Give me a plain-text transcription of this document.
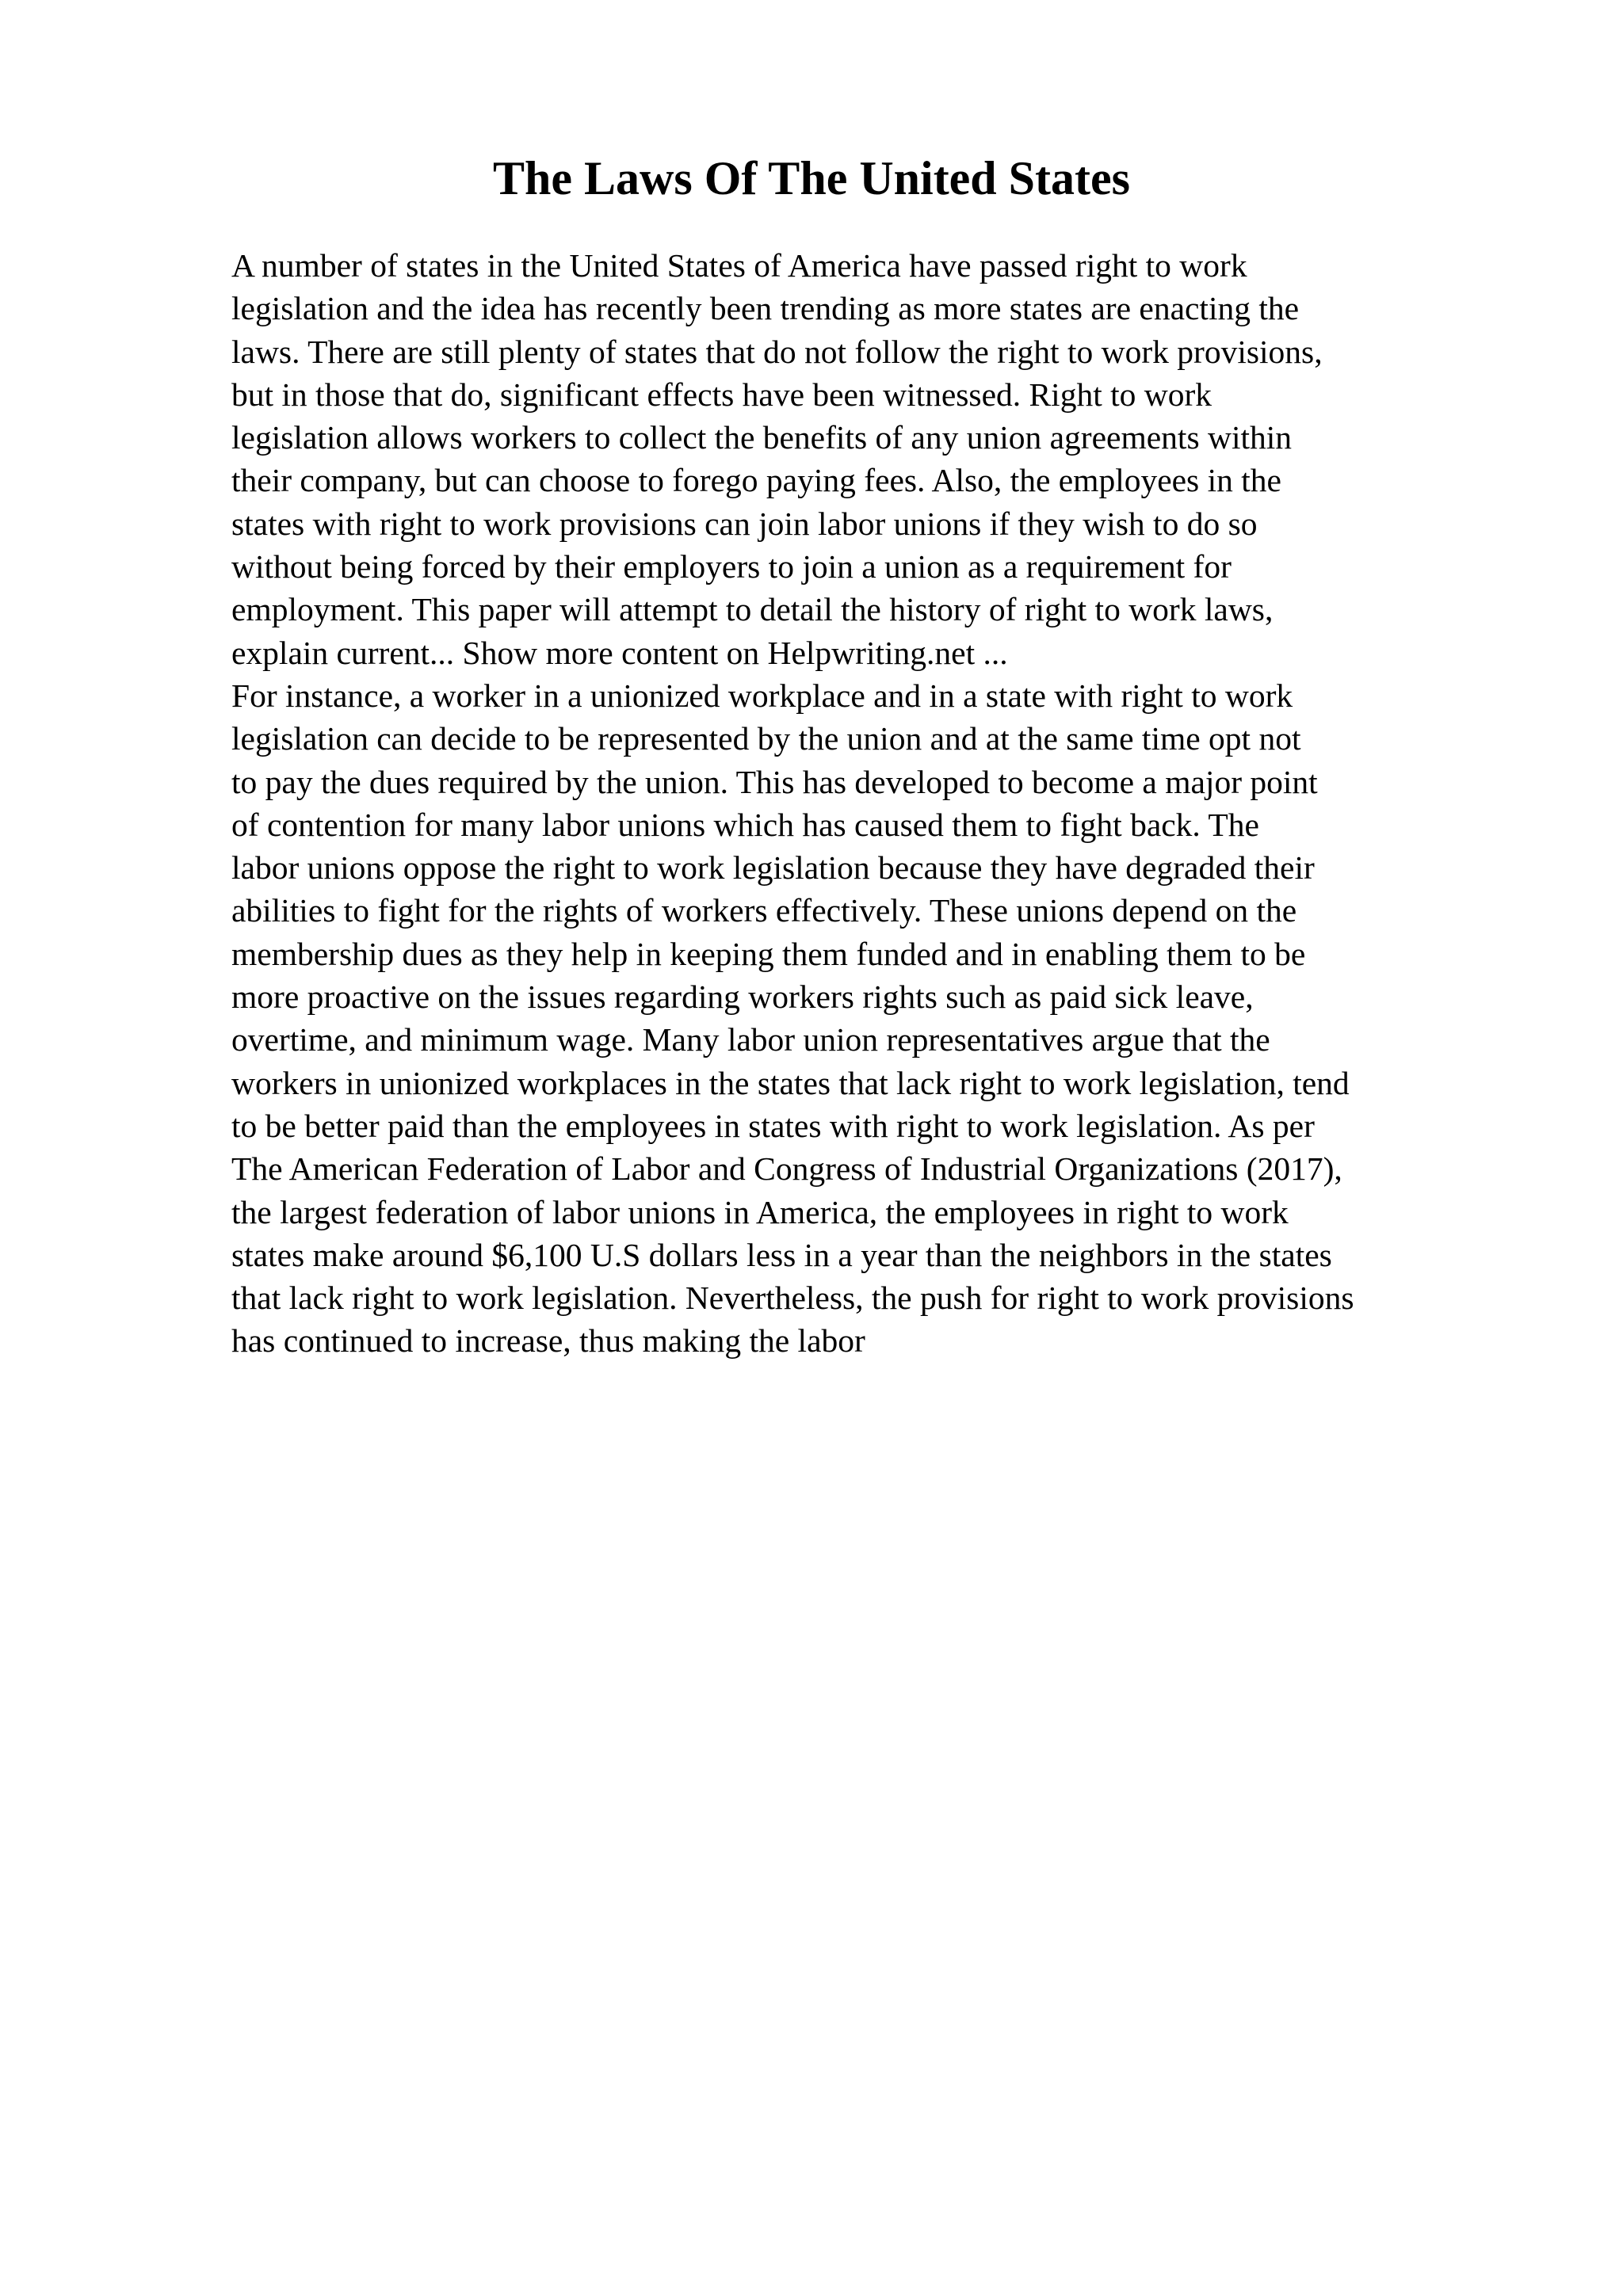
The Laws Of The United States
A number of states in the United States of America have passed right to work
legislation and the idea has recently been trending as more states are enacting the
laws. There are still plenty of states that do not follow the right to work provisions,
but in those that do, significant effects have been witnessed. Right to work
legislation allows workers to collect the benefits of any union agreements within
their company, but can choose to forego paying fees. Also, the employees in the
states with right to work provisions can join labor unions if they wish to do so
without being forced by their employers to join a union as a requirement for
employment. This paper will attempt to detail the history of right to work laws,
explain current... Show more content on Helpwriting.net ...
For instance, a worker in a unionized workplace and in a state with right to work
legislation can decide to be represented by the union and at the same time opt not
to pay the dues required by the union. This has developed to become a major point
of contention for many labor unions which has caused them to fight back. The
labor unions oppose the right to work legislation because they have degraded their
abilities to fight for the rights of workers effectively. These unions depend on the
membership dues as they help in keeping them funded and in enabling them to be
more proactive on the issues regarding workers rights such as paid sick leave,
overtime, and minimum wage. Many labor union representatives argue that the
workers in unionized workplaces in the states that lack right to work legislation, tend
to be better paid than the employees in states with right to work legislation. As per
The American Federation of Labor and Congress of Industrial Organizations (2017),
the largest federation of labor unions in America, the employees in right to work
states make around $6,100 U.S dollars less in a year than the neighbors in the states
that lack right to work legislation. Nevertheless, the push for right to work provisions
has continued to increase, thus making the labor
